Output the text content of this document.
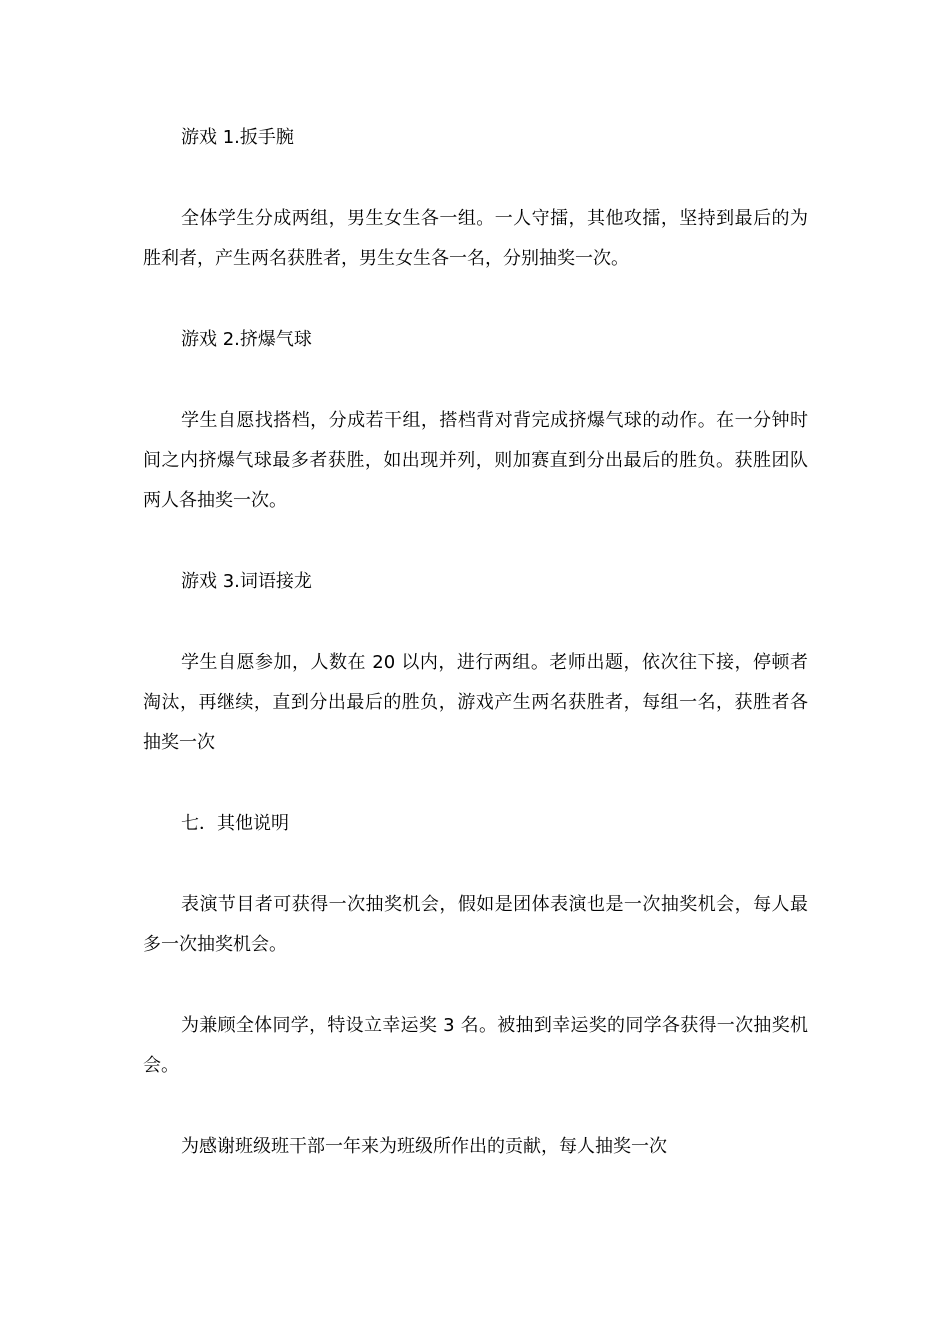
游戏 1.扳手腕

全体学生分成两组，男生女生各一组。一人守擂，其他攻擂，坚持到最后的为胜利者，产生两名获胜者，男生女生各一名，分别抽奖一次。

游戏 2.挤爆气球

学生自愿找搭档，分成若干组，搭档背对背完成挤爆气球的动作。在一分钟时间之内挤爆气球最多者获胜，如出现并列，则加赛直到分出最后的胜负。获胜团队两人各抽奖一次。

游戏 3.词语接龙

学生自愿参加，人数在 20 以内，进行两组。老师出题，依次往下接，停顿者淘汰，再继续，直到分出最后的胜负，游戏产生两名获胜者，每组一名，获胜者各抽奖一次

七．其他说明

表演节目者可获得一次抽奖机会，假如是团体表演也是一次抽奖机会，每人最多一次抽奖机会。

为兼顾全体同学，特设立幸运奖 3 名。被抽到幸运奖的同学各获得一次抽奖机会。

为感谢班级班干部一年来为班级所作出的贡献，每人抽奖一次
